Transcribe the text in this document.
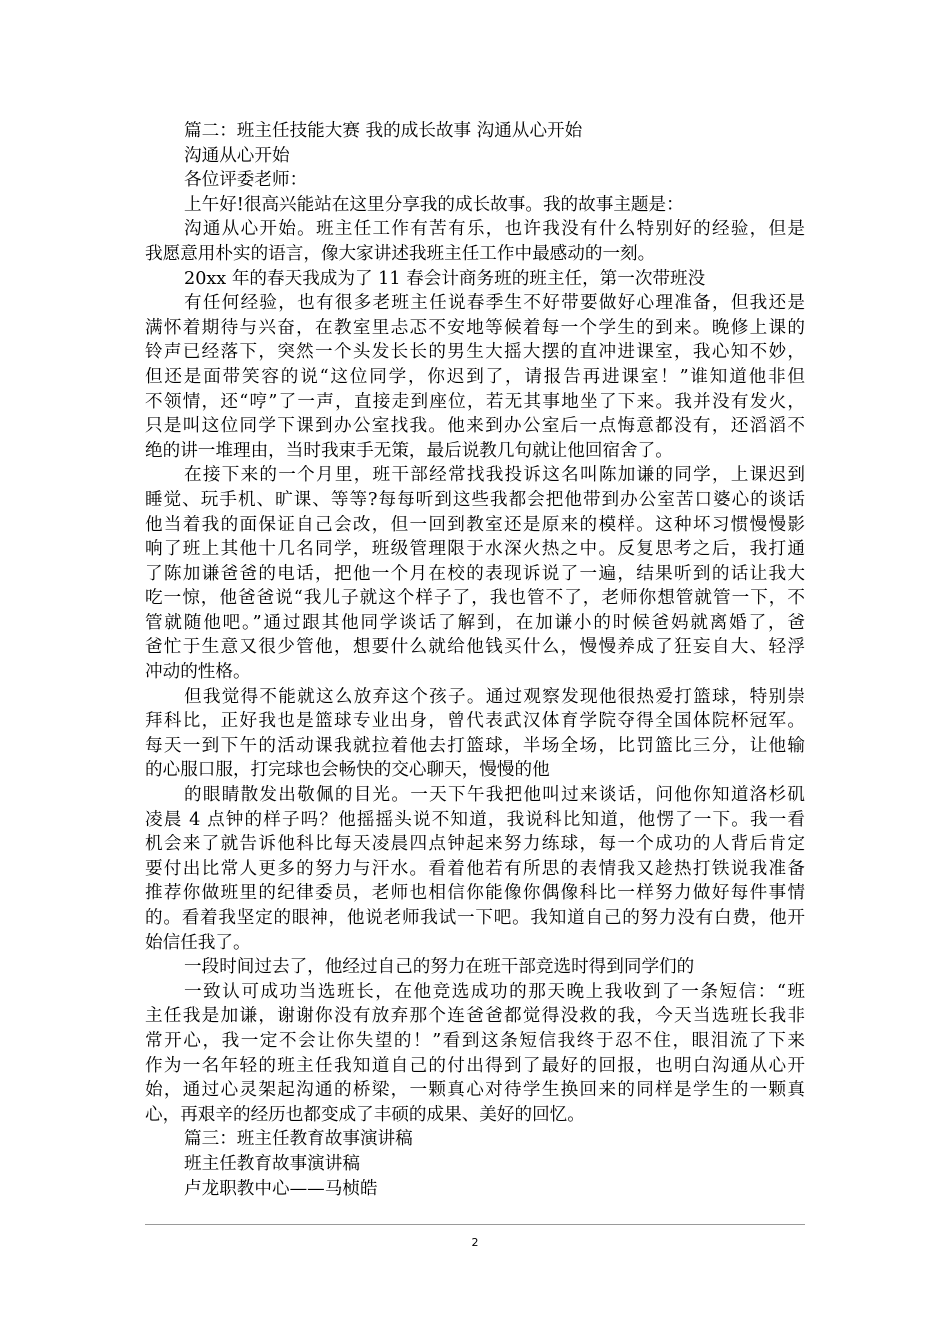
篇二：班主任技能大赛 我的成长故事 沟通从心开始
沟通从心开始
各位评委老师：
上午好!很高兴能站在这里分享我的成长故事。我的故事主题是：
沟通从心开始。班主任工作有苦有乐，也许我没有什么特别好的经验，但是
我愿意用朴实的语言，像大家讲述我班主任工作中最感动的一刻。
20xx 年的春天我成为了 11 春会计商务班的班主任，第一次带班没
有任何经验，也有很多老班主任说春季生不好带要做好心理准备，但我还是
满怀着期待与兴奋，在教室里忐忑不安地等候着每一个学生的到来。晚修上课的
铃声已经落下，突然一个头发长长的男生大摇大摆的直冲进课室，我心知不妙，
但还是面带笑容的说“这位同学，你迟到了，请报告再进课室！”谁知道他非但
不领情，还“哼”了一声，直接走到座位，若无其事地坐了下来。我并没有发火，
只是叫这位同学下课到办公室找我。他来到办公室后一点悔意都没有，还滔滔不
绝的讲一堆理由，当时我束手无策，最后说教几句就让他回宿舍了。
在接下来的一个月里，班干部经常找我投诉这名叫陈加谦的同学，上课迟到
睡觉、玩手机、旷课、等等?每每听到这些我都会把他带到办公室苦口婆心的谈话
他当着我的面保证自己会改，但一回到教室还是原来的模样。这种坏习惯慢慢影
响了班上其他十几名同学，班级管理限于水深火热之中。反复思考之后，我打通
了陈加谦爸爸的电话，把他一个月在校的表现诉说了一遍，结果听到的话让我大
吃一惊，他爸爸说“我儿子就这个样子了，我也管不了，老师你想管就管一下，不
管就随他吧。”通过跟其他同学谈话了解到，在加谦小的时候爸妈就离婚了，爸
爸忙于生意又很少管他，想要什么就给他钱买什么，慢慢养成了狂妄自大、轻浮
冲动的性格。
但我觉得不能就这么放弃这个孩子。通过观察发现他很热爱打篮球，特别崇
拜科比，正好我也是篮球专业出身，曾代表武汉体育学院夺得全国体院杯冠军。
每天一到下午的活动课我就拉着他去打篮球，半场全场，比罚篮比三分，让他输
的心服口服，打完球也会畅快的交心聊天，慢慢的他
的眼睛散发出敬佩的目光。一天下午我把他叫过来谈话，问他你知道洛杉矶
凌晨 4 点钟的样子吗？他摇摇头说不知道，我说科比知道，他愣了一下。我一看
机会来了就告诉他科比每天凌晨四点钟起来努力练球，每一个成功的人背后肯定
要付出比常人更多的努力与汗水。看着他若有所思的表情我又趁热打铁说我准备
推荐你做班里的纪律委员，老师也相信你能像你偶像科比一样努力做好每件事情
的。看着我坚定的眼神，他说老师我试一下吧。我知道自己的努力没有白费，他开
始信任我了。
一段时间过去了，他经过自己的努力在班干部竞选时得到同学们的
一致认可成功当选班长，在他竞选成功的那天晚上我收到了一条短信：“班
主任我是加谦，谢谢你没有放弃那个连爸爸都觉得没救的我，今天当选班长我非
常开心，我一定不会让你失望的！”看到这条短信我终于忍不住，眼泪流了下来
作为一名年轻的班主任我知道自己的付出得到了最好的回报，也明白沟通从心开
始，通过心灵架起沟通的桥梁，一颗真心对待学生换回来的同样是学生的一颗真
心，再艰辛的经历也都变成了丰硕的成果、美好的回忆。
篇三：班主任教育故事演讲稿
班主任教育故事演讲稿
卢龙职教中心——马桢皓
2
